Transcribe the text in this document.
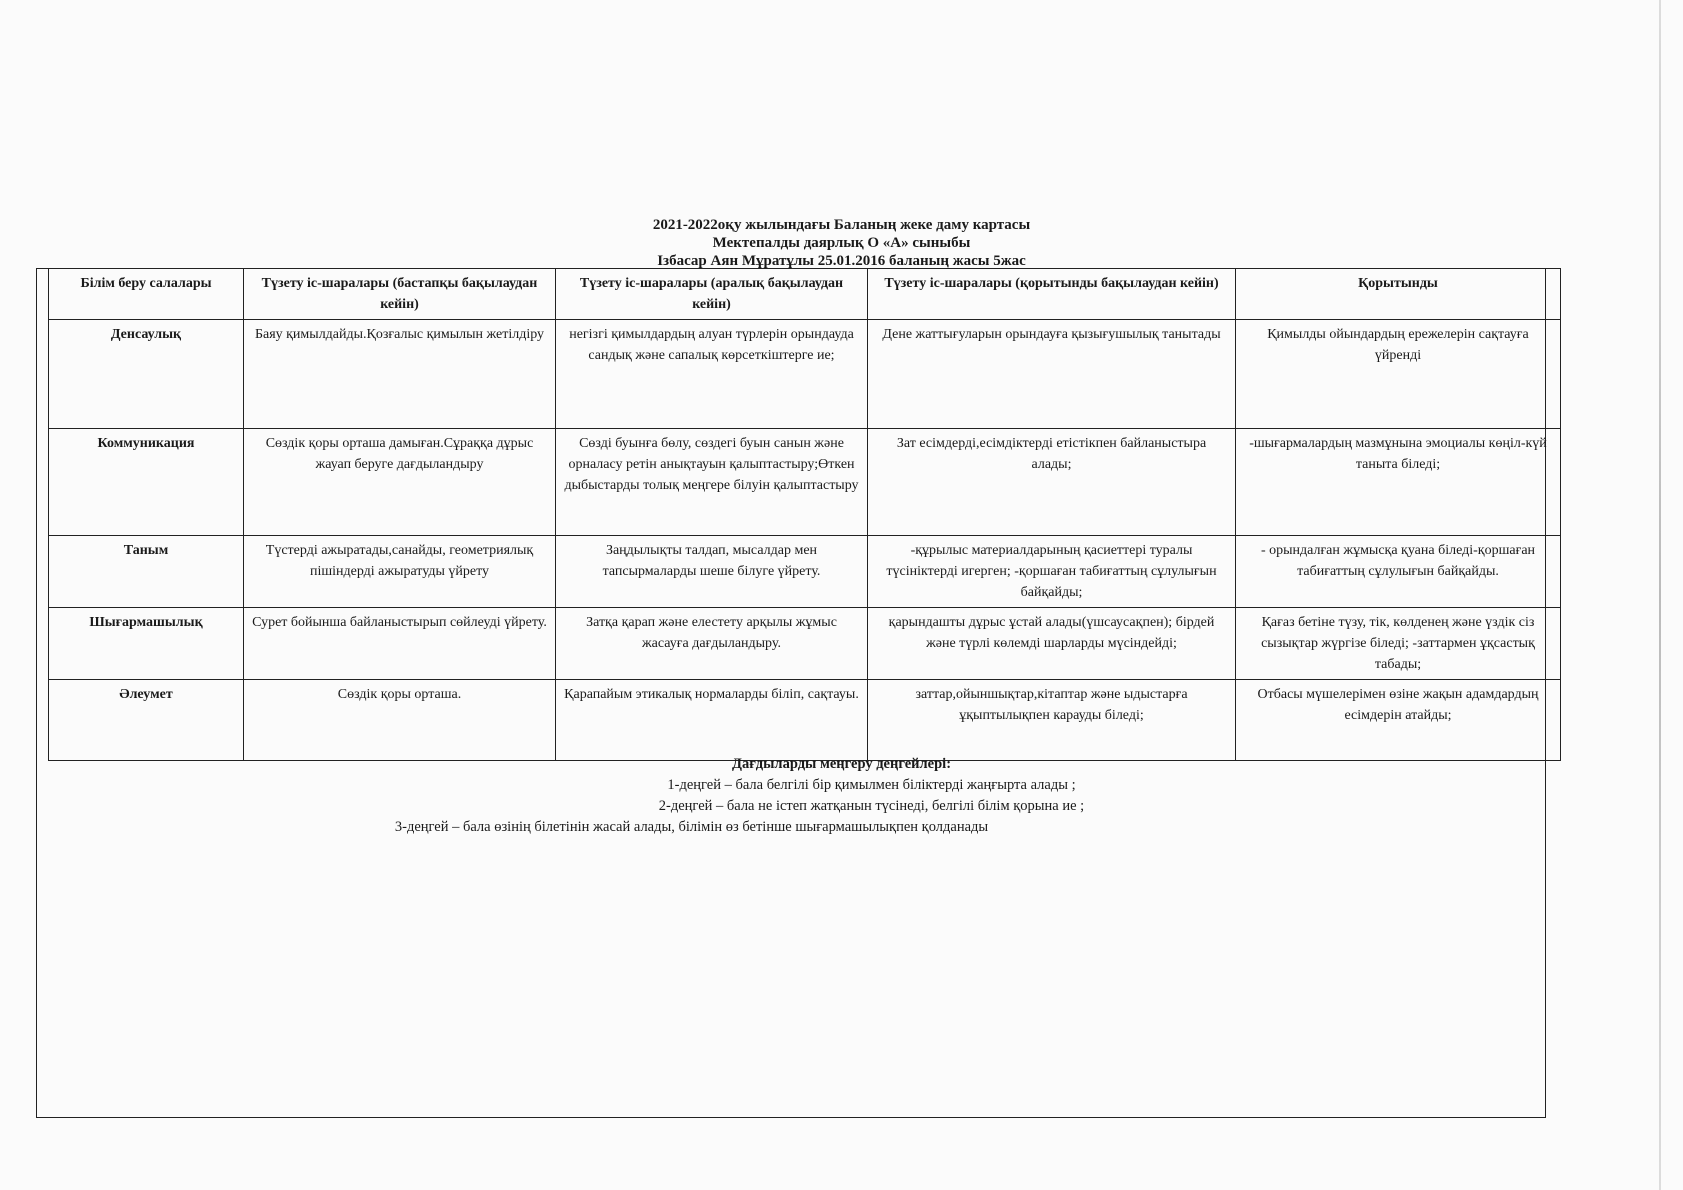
2021-2022оқу жылындағы Баланың жеке даму картасы
Мектепалды даярлық О «А» сыныбы
Ізбасар Аян Мұратұлы 25.01.2016 баланың жасы 5жас
Білім беру салалары	Түзету іс-шаралары (бастапқы бақылаудан кейін)	Түзету іс-шаралары (аралық бақылаудан кейін)	Түзету іс-шаралары (қорытынды бақылаудан кейін)	Қорытынды
Денсаулық	Баяу қимылдайды.Қозғалыс қимылын жетілдіру	негізгі қимылдардың алуан түрлерін орындауда сандық және сапалық көрсеткіштерге ие;	Дене жаттығуларын орындауға қызығушылық танытады	Қимылды ойындардың ережелерін сақтауға үйренді
Коммуникация	Сөздік қоры орташа дамыған.Сұраққа дұрыс жауап беруге дағдыландыру	Сөзді буынға бөлу, сөздегі буын санын және орналасу ретін анықтауын қалыптастыру;Өткен дыбыстарды толық меңгере білуін қалыптастыру	Зат есімдерді,есімдіктерді етістікпен байланыстыра алады;	-шығармалардың мазмұнына эмоциалы көңіл-күй таныта біледі;
Таным	Түстерді ажыратады,санайды, геометриялық пішіндерді ажыратуды үйрету	Заңдылықты талдап, мысалдар мен тапсырмаларды шеше білуге үйрету.	-құрылыс материалдарының қасиеттері туралы түсініктерді игерген; -қоршаған табиғаттың сұлулығын байқайды;	- орындалған жұмысқа қуана біледі-қоршаған табиғаттың сұлулығын байқайды.
Шығармашылық	Сурет бойынша байланыстырып сөйлеуді үйрету.	Затқа қарап және елестету арқылы жұмыс жасауға дағдыландыру.	қарындашты дұрыс ұстай алады(үшсаусақпен); бірдей және түрлі көлемді шарларды мүсіндейді;	Қағаз бетіне түзу, тік, көлденең және үздік сіз сызықтар жүргізе біледі; -заттармен ұқсастық табады;
Әлеумет	Сөздік қоры орташа.	Қарапайым этикалық нормаларды біліп, сақтауы.	заттар,ойыншықтар,кітаптар және ыдыстарға ұқыптылықпен карауды біледі;	Отбасы мүшелерімен өзіне жақын адамдардың есімдерін атайды;
Дағдыларды меңгеру деңгейлері:
1-деңгей – бала белгілі бір қимылмен біліктерді жаңғырта алады ;
2-деңгей – бала не істеп жатқанын түсінеді, белгілі білім қорына ие ;
3-деңгей – бала өзінің білетінін жасай алады, білімін өз бетінше шығармашылықпен қолданады
